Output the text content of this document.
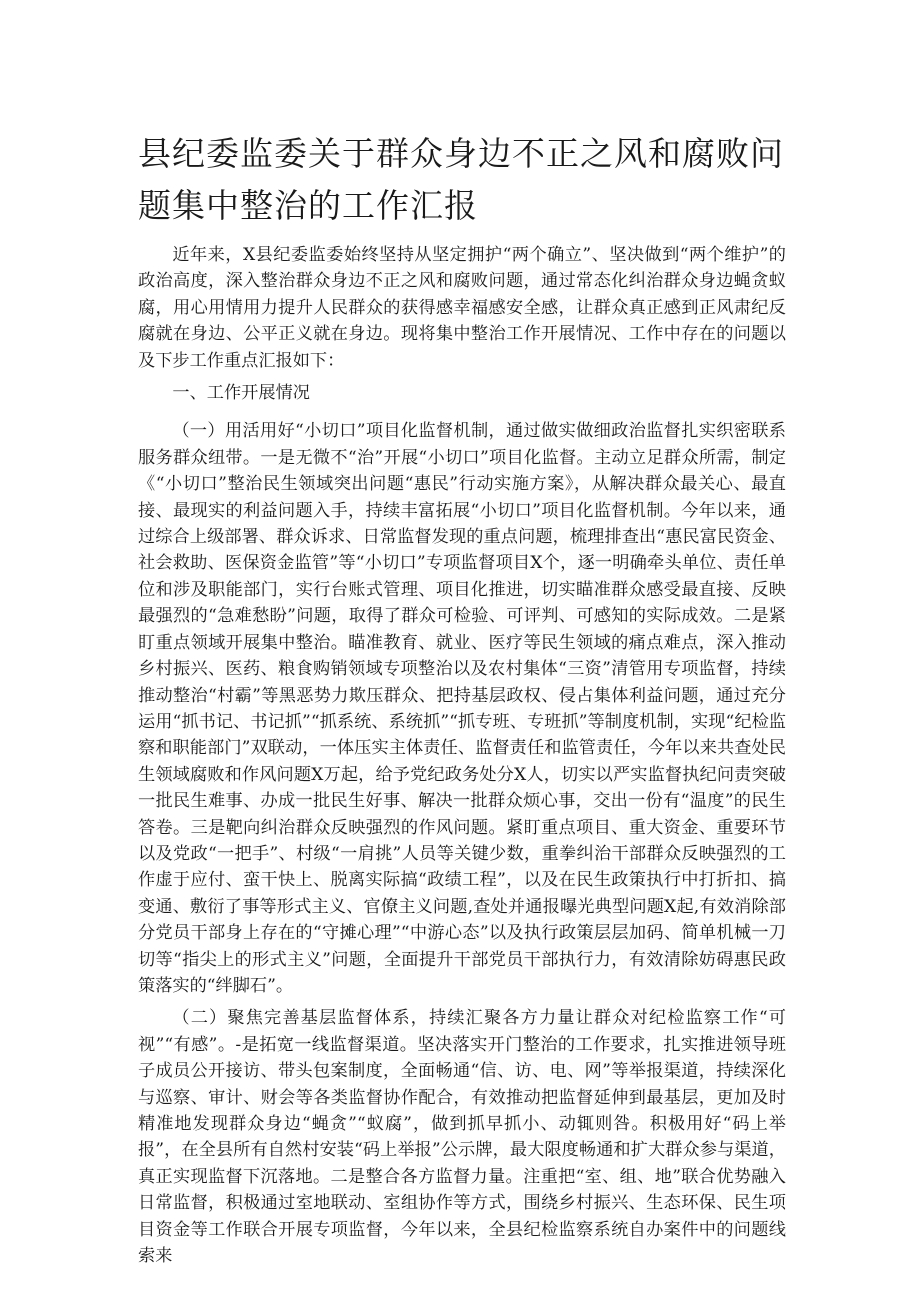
县纪委监委关于群众身边不正之风和腐败问题集中整治的工作汇报

近年来，X县纪委监委始终坚持从坚定拥护“两个确立”、坚决做到“两个维护”的政治高度，深入整治群众身边不正之风和腐败问题，通过常态化纠治群众身边蝇贪蚁腐，用心用情用力提升人民群众的获得感幸福感安全感，让群众真正感到正风肃纪反腐就在身边、公平正义就在身边。现将集中整治工作开展情况、工作中存在的问题以及下步工作重点汇报如下：

一、工作开展情况

（一）用活用好“小切口”项目化监督机制，通过做实做细政治监督扎实织密联系服务群众纽带。一是无微不“治”开展“小切口”项目化监督。主动立足群众所需，制定《“小切口”整治民生领域突出问题“惠民”行动实施方案》，从解决群众最关心、最直接、最现实的利益问题入手，持续丰富拓展“小切口”项目化监督机制。今年以来，通过综合上级部署、群众诉求、日常监督发现的重点问题，梳理排查出“惠民富民资金、社会救助、医保资金监管”等“小切口”专项监督项目X个，逐一明确牵头单位、责任单位和涉及职能部门，实行台账式管理、项目化推进，切实瞄准群众感受最直接、反映最强烈的“急难愁盼”问题，取得了群众可检验、可评判、可感知的实际成效。二是紧盯重点领域开展集中整治。瞄准教育、就业、医疗等民生领域的痛点难点，深入推动乡村振兴、医药、粮食购销领域专项整治以及农村集体“三资”清管用专项监督，持续推动整治“村霸”等黑恶势力欺压群众、把持基层政权、侵占集体利益问题，通过充分运用“抓书记、书记抓”“抓系统、系统抓”“抓专班、专班抓”等制度机制，实现“纪检监察和职能部门”双联动，一体压实主体责任、监督责任和监管责任，今年以来共查处民生领域腐败和作风问题X万起，给予党纪政务处分X人，切实以严实监督执纪问责突破一批民生难事、办成一批民生好事、解决一批群众烦心事，交出一份有“温度”的民生答卷。三是靶向纠治群众反映强烈的作风问题。紧盯重点项目、重大资金、重要环节以及党政“一把手”、村级“一肩挑”人员等关键少数，重拳纠治干部群众反映强烈的工作虚于应付、蛮干快上、脱离实际搞“政绩工程”，以及在民生政策执行中打折扣、搞变通、敷衍了事等形式主义、官僚主义问题,查处并通报曝光典型问题X起,有效消除部分党员干部身上存在的“守摊心理”“中游心态”以及执行政策层层加码、简单机械一刀切等“指尖上的形式主义”问题，全面提升干部党员干部执行力，有效清除妨碍惠民政策落实的“绊脚石”。

（二）聚焦完善基层监督体系，持续汇聚各方力量让群众对纪检监察工作“可视”“有感”。-是拓宽一线监督渠道。坚决落实开门整治的工作要求，扎实推进领导班子成员公开接访、带头包案制度，全面畅通“信、访、电、网”等举报渠道，持续深化与巡察、审计、财会等各类监督协作配合，有效推动把监督延伸到最基层，更加及时精准地发现群众身边“蝇贪”“蚁腐”，做到抓早抓小、动辄则咎。积极用好“码上举报”，在全县所有自然村安装“码上举报”公示牌，最大限度畅通和扩大群众参与渠道，真正实现监督下沉落地。二是整合各方监督力量。注重把“室、组、地”联合优势融入日常监督，积极通过室地联动、室组协作等方式，围绕乡村振兴、生态环保、民生项目资金等工作联合开展专项监督，今年以来，全县纪检监察系统自办案件中的问题线索来
